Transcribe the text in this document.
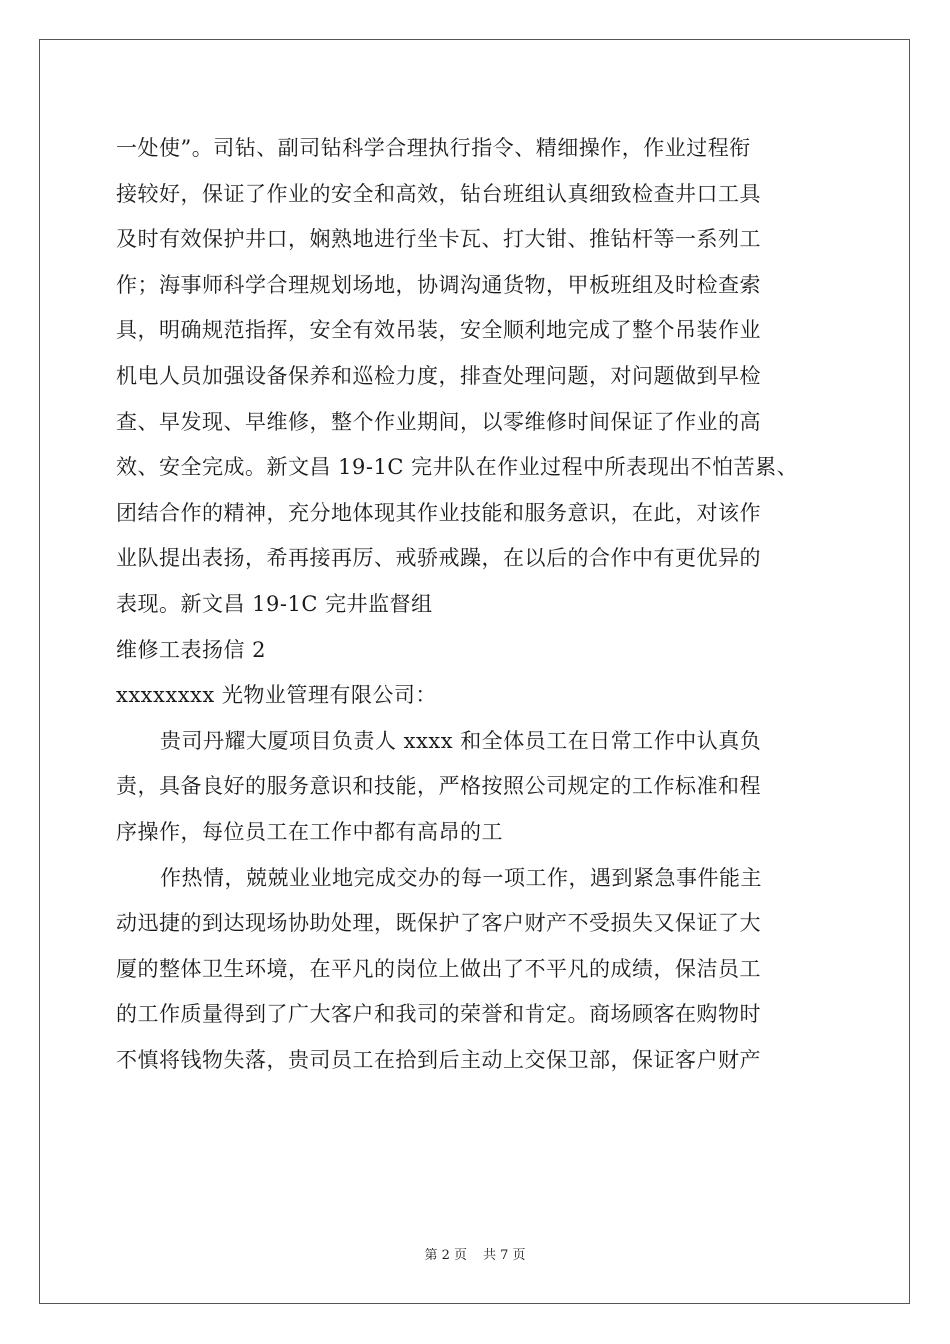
一处使”。司钻、副司钻科学合理执行指令、精细操作，作业过程衔
接较好，保证了作业的安全和高效，钻台班组认真细致检查井口工具
及时有效保护井口，娴熟地进行坐卡瓦、打大钳、推钻杆等一系列工
作；海事师科学合理规划场地，协调沟通货物，甲板班组及时检查索
具，明确规范指挥，安全有效吊装，安全顺利地完成了整个吊装作业
机电人员加强设备保养和巡检力度，排查处理问题，对问题做到早检
查、早发现、早维修，整个作业期间，以零维修时间保证了作业的高
效、安全完成。新文昌 19-1C 完井队在作业过程中所表现出不怕苦累、
团结合作的精神，充分地体现其作业技能和服务意识，在此，对该作
业队提出表扬，希再接再厉、戒骄戒躁，在以后的合作中有更优异的
表现。新文昌 19-1C 完井监督组
维修工表扬信 2
xxxxxxxx 光物业管理有限公司：
贵司丹耀大厦项目负责人 xxxx 和全体员工在日常工作中认真负
责，具备良好的服务意识和技能，严格按照公司规定的工作标准和程
序操作，每位员工在工作中都有高昂的工
作热情，兢兢业业地完成交办的每一项工作，遇到紧急事件能主
动迅捷的到达现场协助处理，既保护了客户财产不受损失又保证了大
厦的整体卫生环境，在平凡的岗位上做出了不平凡的成绩，保洁员工
的工作质量得到了广大客户和我司的荣誉和肯定。商场顾客在购物时
不慎将钱物失落，贵司员工在拾到后主动上交保卫部，保证客户财产
第 2 页 共 7 页
